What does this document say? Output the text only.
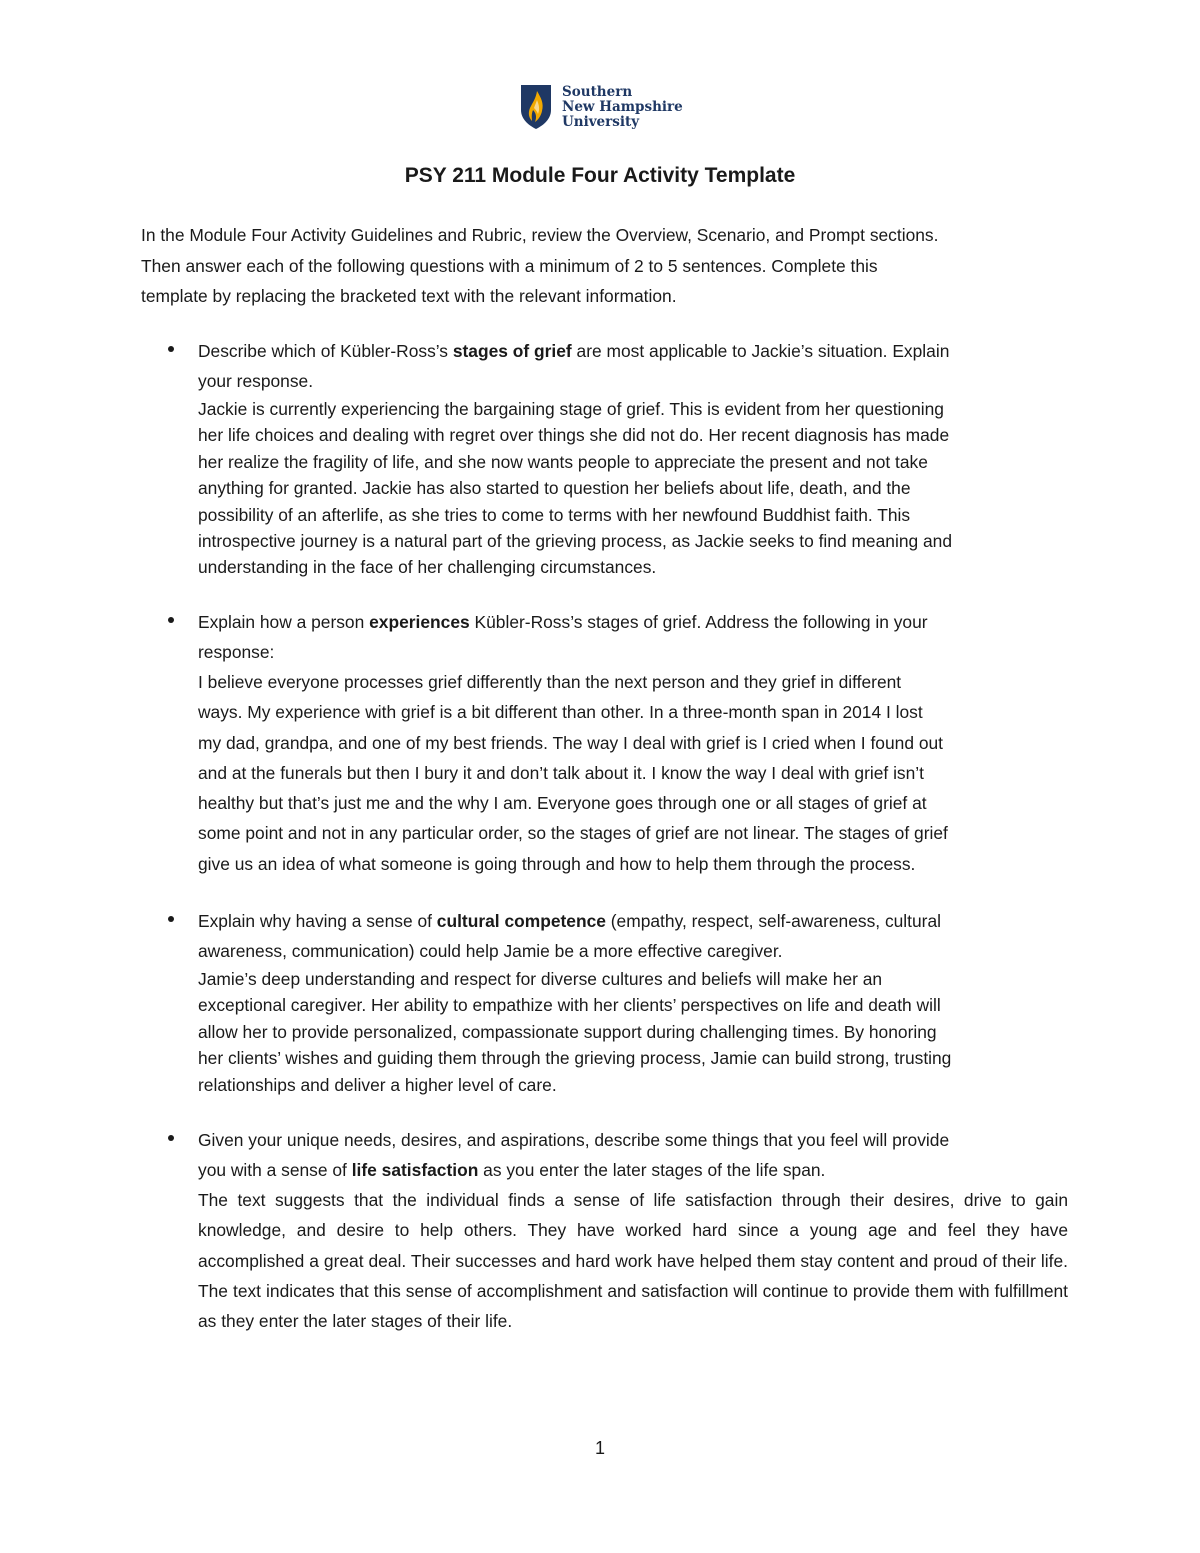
Southern
New Hampshire
University
PSY 211 Module Four Activity Template

In the Module Four Activity Guidelines and Rubric, review the Overview, Scenario, and Prompt sections.

Then answer each of the following questions with a minimum of 2 to 5 sentences. Complete this

template by replacing the bracketed text with the relevant information.

Describe which of Kübler-Ross’s stages of grief are most applicable to Jackie’s situation. Explain
your response.

Jackie is currently experiencing the bargaining stage of grief. This is evident from her questioning
her life choices and dealing with regret over things she did not do. Her recent diagnosis has made
her realize the fragility of life, and she now wants people to appreciate the present and not take
anything for granted. Jackie has also started to question her beliefs about life, death, and the
possibility of an afterlife, as she tries to come to terms with her newfound Buddhist faith. This
introspective journey is a natural part of the grieving process, as Jackie seeks to find meaning and
understanding in the face of her challenging circumstances.

Explain how a person experiences Kübler-Ross’s stages of grief. Address the following in your
response:

I believe everyone processes grief differently than the next person and they grief in different
ways. My experience with grief is a bit different than other. In a three-month span in 2014 I lost
my dad, grandpa, and one of my best friends. The way I deal with grief is I cried when I found out
and at the funerals but then I bury it and don’t talk about it. I know the way I deal with grief isn’t
healthy but that’s just me and the why I am. Everyone goes through one or all stages of grief at
some point and not in any particular order, so the stages of grief are not linear. The stages of grief
give us an idea of what someone is going through and how to help them through the process.

Explain why having a sense of cultural competence (empathy, respect, self-awareness, cultural
awareness, communication) could help Jamie be a more effective caregiver.

Jamie’s deep understanding and respect for diverse cultures and beliefs will make her an
exceptional caregiver. Her ability to empathize with her clients’ perspectives on life and death will
allow her to provide personalized, compassionate support during challenging times. By honoring
her clients’ wishes and guiding them through the grieving process, Jamie can build strong, trusting
relationships and deliver a higher level of care.

Given your unique needs, desires, and aspirations, describe some things that you feel will provide
you with a sense of life satisfaction as you enter the later stages of the life span.

The text suggests that the individual finds a sense of life satisfaction through their desires, drive to gain knowledge, and desire to help others. They have worked hard since a young age and feel they have accomplished a great deal. Their successes and hard work have helped them stay content and proud of their life. The text indicates that this sense of accomplishment and satisfaction will continue to provide them with fulfillment as they enter the later stages of their life.

1
